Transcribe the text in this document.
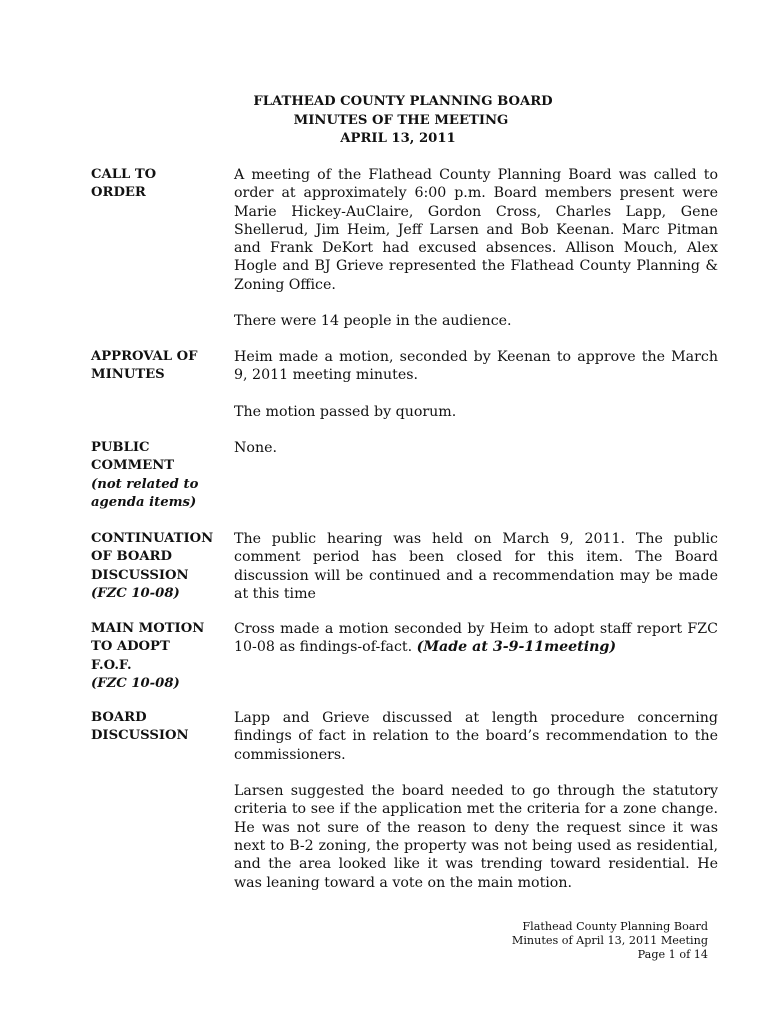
FLATHEAD COUNTY PLANNING BOARD
MINUTES OF THE MEETING
APRIL 13, 2011
CALL TO
ORDER

A meeting of the Flathead County Planning Board was called to order at approximately 6:00 p.m. Board members present were Marie Hickey-AuClaire, Gordon Cross, Charles Lapp, Gene Shellerud, Jim Heim, Jeff Larsen and Bob Keenan. Marc Pitman and Frank DeKort had excused absences. Allison Mouch, Alex Hogle and BJ Grieve represented the Flathead County Planning & Zoning Office.

There were 14 people in the audience.

APPROVAL OF
MINUTES

Heim made a motion, seconded by Keenan to approve the March 9, 2011 meeting minutes.

The motion passed by quorum.

PUBLIC
COMMENT
(not related to
agenda items)

None.

CONTINUATION
OF BOARD
DISCUSSION
(FZC 10-08)

The public hearing was held on March 9, 2011. The public comment period has been closed for this item. The Board discussion will be continued and a recommendation may be made at this time

MAIN MOTION
TO ADOPT
F.O.F.
(FZC 10-08)

Cross made a motion seconded by Heim to adopt staff report FZC 10-08 as findings-of-fact. (Made at 3-9-11meeting)

BOARD
DISCUSSION

Lapp and Grieve discussed at length procedure concerning findings of fact in relation to the board’s recommendation to the commissioners.

Larsen suggested the board needed to go through the statutory criteria to see if the application met the criteria for a zone change. He was not sure of the reason to deny the request since it was next to B-2 zoning, the property was not being used as residential, and the area looked like it was trending toward residential. He was leaning toward a vote on the main motion.

Flathead County Planning Board
Minutes of April 13, 2011 Meeting
Page 1 of 14
